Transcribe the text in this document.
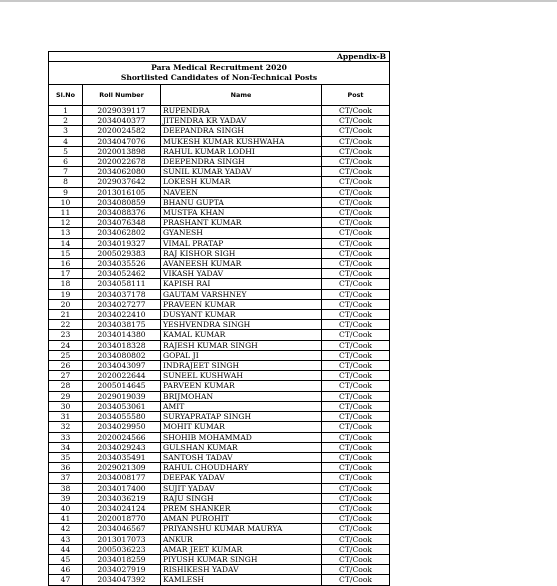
Appendix-B			

Para Medical Recruitment 2020
Shortlisted Candidates of Non-Technical Posts			

Sl.No	Roll Number	Name	Post
1	2029039117	RUPENDRA	CT/Cook
2	2034040377	JITENDRA KR YADAV	CT/Cook
3	2020024582	DEEPANDRA SINGH	CT/Cook
4	2034047076	MUKESH KUMAR KUSHWAHA	CT/Cook
5	2020013898	RAHUL KUMAR LODHI	CT/Cook
6	2020022678	DEEPENDRA SINGH	CT/Cook
7	2034062080	SUNIL KUMAR YADAV	CT/Cook
8	2029037642	LOKESH KUMAR	CT/Cook
9	2013016105	NAVEEN	CT/Cook
10	2034080859	BHANU GUPTA	CT/Cook
11	2034088376	MUSTFA KHAN	CT/Cook
12	2034076348	PRASHANT KUMAR	CT/Cook
13	2034062802	GYANESH	CT/Cook
14	2034019327	VIMAL PRATAP	CT/Cook
15	2005029383	RAJ KISHOR SIGH	CT/Cook
16	2034035526	AVANEESH KUMAR	CT/Cook
17	2034052462	VIKASH YADAV	CT/Cook
18	2034058111	KAPISH RAI	CT/Cook
19	2034037178	GAUTAM VARSHNEY	CT/Cook
20	2034027277	PRAVEEN KUMAR	CT/Cook
21	2034022410	DUSYANT KUMAR	CT/Cook
22	2034038175	YESHVENDRA SINGH	CT/Cook
23	2034014380	KAMAL KUMAR	CT/Cook
24	2034018328	RAJESH KUMAR SINGH	CT/Cook
25	2034080802	GOPAL JI	CT/Cook
26	2034043097	INDRAJEET SINGH	CT/Cook
27	2020022644	SUNEEL KUSHWAH	CT/Cook
28	2005014645	PARVEEN KUMAR	CT/Cook
29	2029019039	BRIJMOHAN	CT/Cook
30	2034053061	AMIT	CT/Cook
31	2034055580	SURYAPRATAP SINGH	CT/Cook
32	2034029950	MOHIT KUMAR	CT/Cook
33	2020024566	SHOHIB MOHAMMAD	CT/Cook
34	2034029243	GULSHAN KUMAR	CT/Cook
35	2034035491	SANTOSH TADAV	CT/Cook
36	2029021309	RAHUL CHOUDHARY	CT/Cook
37	2034008177	DEEPAK YADAV	CT/Cook
38	2034017400	SUJIT YADAV	CT/Cook
39	2034036219	RAJU SINGH	CT/Cook
40	2034024124	PREM SHANKER	CT/Cook
41	2020018770	AMAN PUROHIT	CT/Cook
42	2034046567	PRIYANSHU KUMAR MAURYA	CT/Cook
43	2013017073	ANKUR	CT/Cook
44	2005036223	AMAR JEET KUMAR	CT/Cook
45	2034018259	PIYUSH KUMAR SINGH	CT/Cook
46	2034027919	RISHIKESH YADAV	CT/Cook
47	2034047392	KAMLESH	CT/Cook
